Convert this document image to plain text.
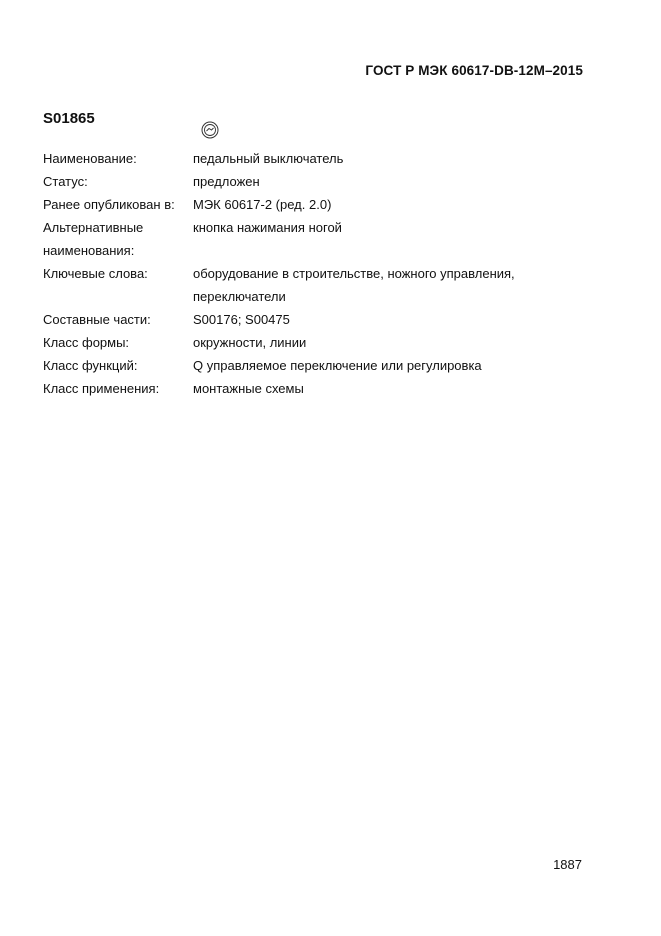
ГОСТ Р МЭК 60617-DB-12M–2015
S01865
Наименование:	педальный выключатель
Статус:	предложен
Ранее опубликован в:	МЭК 60617-2 (ред. 2.0)
Альтернативные наименования:	кнопка нажимания ногой
Ключевые слова:	оборудование в строительстве, ножного управления, переключатели
Составные части:	S00176; S00475
Класс формы:	окружности, линии
Класс функций:	Q управляемое переключение или регулировка
Класс применения:	монтажные схемы
1887
